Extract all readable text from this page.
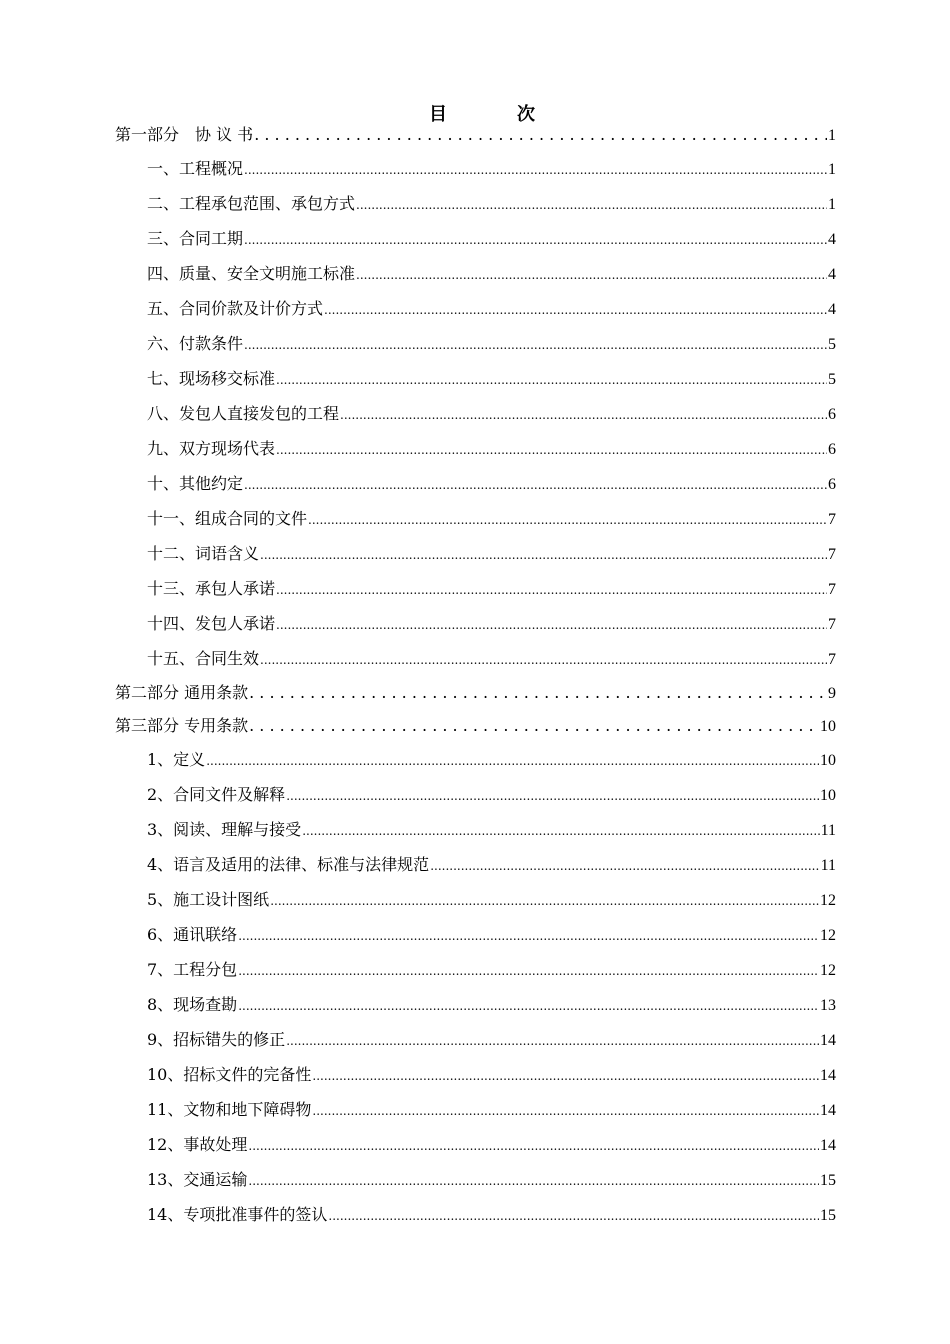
目　次
第一部分　协 议 书 . . .	1
一、工程概况 .....	1
二、工程承包范围、承包方式 .....	1
三、合同工期 .....	4
四、质量、安全文明施工标准 .....	4
五、合同价款及计价方式 .....	4
六、付款条件 .....	5
七、现场移交标准 .....	5
八、发包人直接发包的工程 .....	6
九、双方现场代表 .....	6
十、其他约定 .....	6
十一、组成合同的文件 .....	7
十二、词语含义 .....	7
十三、承包人承诺 .....	7
十四、发包人承诺 .....	7
十五、合同生效 .....	7
第二部分 通用条款 . . .	9
第三部分 专用条款 . . .	10
1、定义 .....	10
2、合同文件及解释 .....	10
3、阅读、理解与接受 .....	11
4、语言及适用的法律、标准与法律规范 .....	11
5、施工设计图纸 .....	12
6、通讯联络 .....	12
7、工程分包 .....	12
8、现场查勘 .....	13
9、招标错失的修正 .....	14
10、招标文件的完备性 .....	14
11、文物和地下障碍物 .....	14
12、事故处理 .....	14
13、交通运输 .....	15
14、专项批准事件的签认 .....	15
